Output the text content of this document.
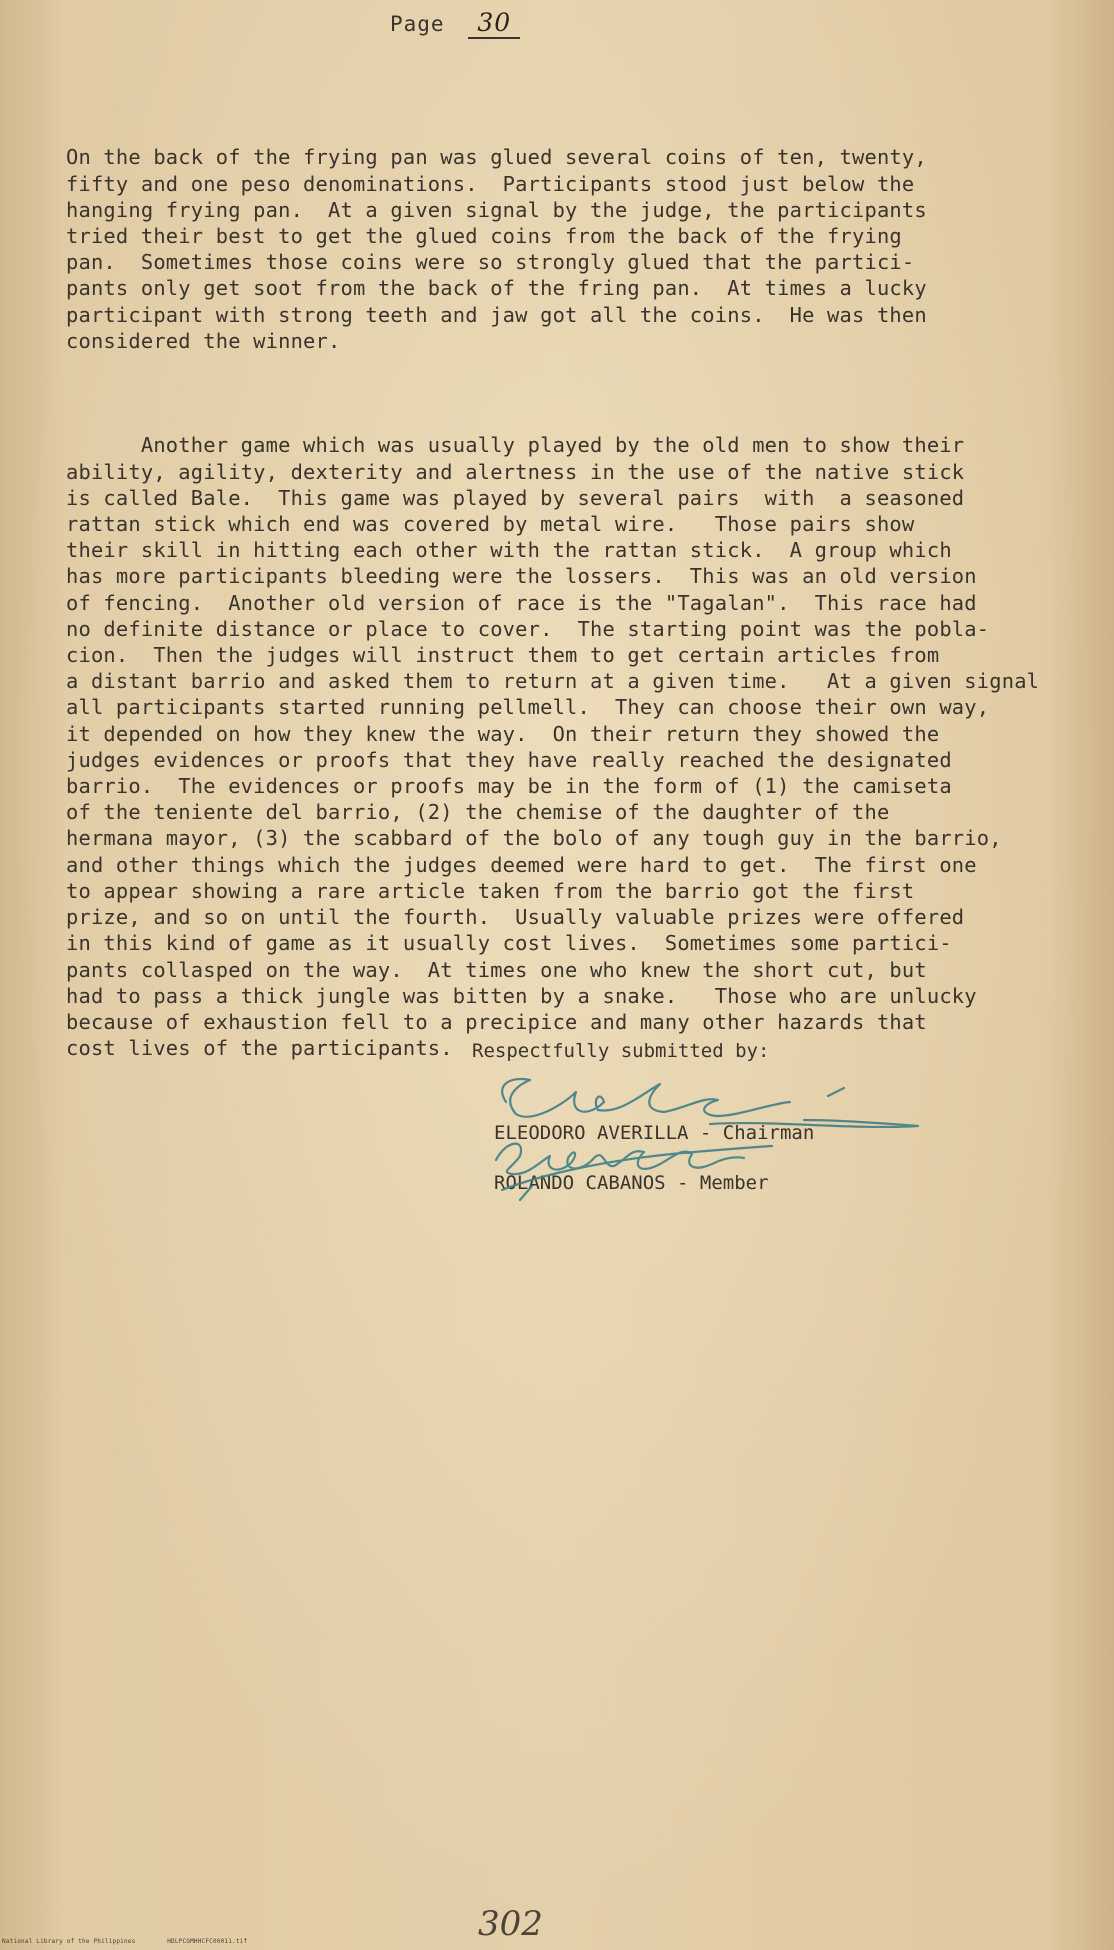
Page 30

On the back of the frying pan was glued several coins of ten, twenty,
fifty and one peso denominations.  Participants stood just below the
hanging frying pan.  At a given signal by the judge, the participants
tried their best to get the glued coins from the back of the frying
pan.  Sometimes those coins were so strongly glued that the partici-
pants only get soot from the back of the fring pan.  At times a lucky
participant with strong teeth and jaw got all the coins.  He was then
considered the winner.

Another game which was usually played by the old men to show their
ability, agility, dexterity and alertness in the use of the native stick
is called Bale.  This game was played by several pairs  with  a seasoned
rattan stick which end was covered by metal wire.   Those pairs show
their skill in hitting each other with the rattan stick.  A group which
has more participants bleeding were the lossers.  This was an old version
of fencing.  Another old version of race is the "Tagalan".  This race had
no definite distance or place to cover.  The starting point was the pobla-
cion.  Then the judges will instruct them to get certain articles from
a distant barrio and asked them to return at a given time.   At a given signal
all participants started running pellmell.  They can choose their own way,
it depended on how they knew the way.  On their return they showed the
judges evidences or proofs that they have really reached the designated
barrio.  The evidences or proofs may be in the form of (1) the camiseta
of the teniente del barrio, (2) the chemise of the daughter of the
hermana mayor, (3) the scabbard of the bolo of any tough guy in the barrio,
and other things which the judges deemed were hard to get.  The first one
to appear showing a rare article taken from the barrio got the first
prize, and so on until the fourth.  Usually valuable prizes were offered
in this kind of game as it usually cost lives.  Sometimes some partici-
pants collasped on the way.  At times one who knew the short cut, but
had to pass a thick jungle was bitten by a snake.   Those who are unlucky
because of exhaustion fell to a precipice and many other hazards that
cost lives of the participants.

	Respectfully submitted by:
ELEODORO AVERILLA - Chairman
ROLANDO CABANOS - Member
302
National Library of the Philippines	HDLPCOMHHCFC00011.tif
